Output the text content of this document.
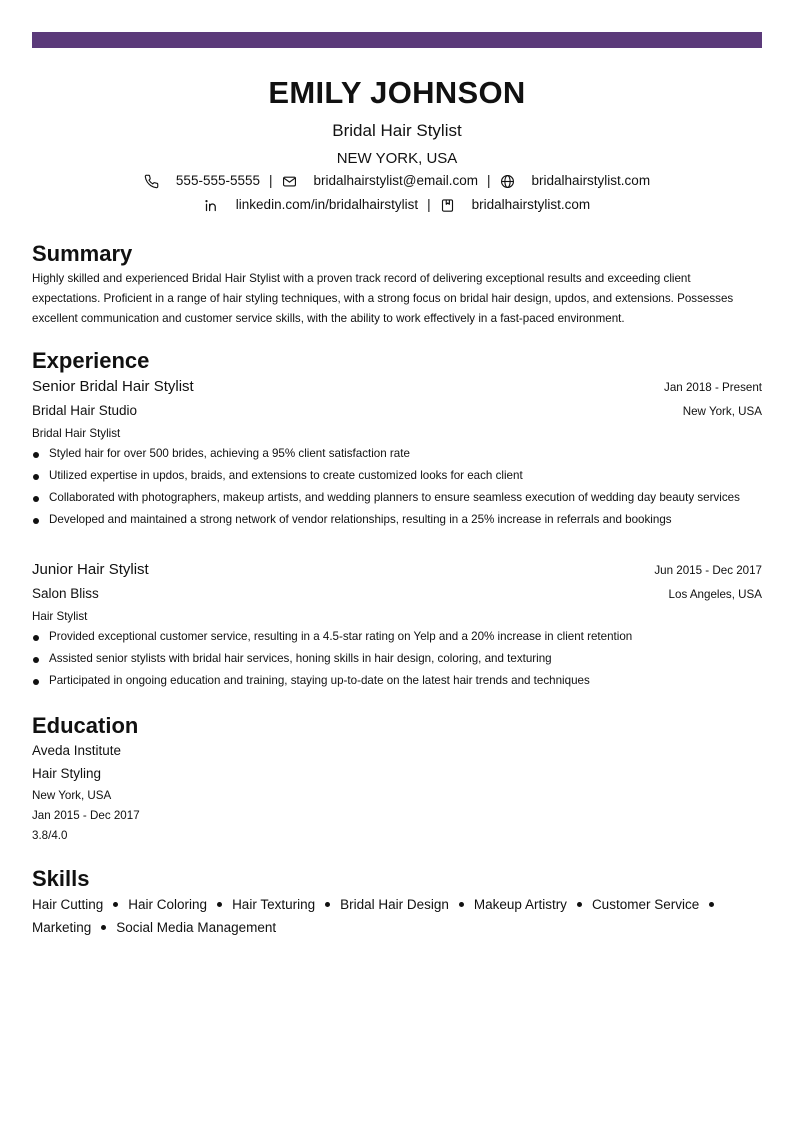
EMILY JOHNSON
Bridal Hair Stylist
NEW YORK, USA
555-555-5555 |	bridalhairstylist@email.com |	bridalhairstylist.com
linkedin.com/in/bridalhairstylist |	bridalhairstylist.com
Summary
Highly skilled and experienced Bridal Hair Stylist with a proven track record of delivering exceptional results and exceeding client expectations. Proficient in a range of hair styling techniques, with a strong focus on bridal hair design, updos, and extensions. Possesses excellent communication and customer service skills, with the ability to work effectively in a fast-paced environment.
Experience
Senior Bridal Hair Stylist	Jan 2018 - Present
Bridal Hair Studio	New York, USA
Bridal Hair Stylist
Styled hair for over 500 brides, achieving a 95% client satisfaction rate
Utilized expertise in updos, braids, and extensions to create customized looks for each client
Collaborated with photographers, makeup artists, and wedding planners to ensure seamless execution of wedding day beauty services
Developed and maintained a strong network of vendor relationships, resulting in a 25% increase in referrals and bookings
Junior Hair Stylist	Jun 2015 - Dec 2017
Salon Bliss	Los Angeles, USA
Hair Stylist
Provided exceptional customer service, resulting in a 4.5-star rating on Yelp and a 20% increase in client retention
Assisted senior stylists with bridal hair services, honing skills in hair design, coloring, and texturing
Participated in ongoing education and training, staying up-to-date on the latest hair trends and techniques
Education
Aveda Institute
Hair Styling
New York, USA
Jan 2015 - Dec 2017
3.8/4.0
Skills
Hair Cutting Hair Coloring Hair Texturing Bridal Hair Design Makeup Artistry Customer ServiceMarketing Social Media Management
